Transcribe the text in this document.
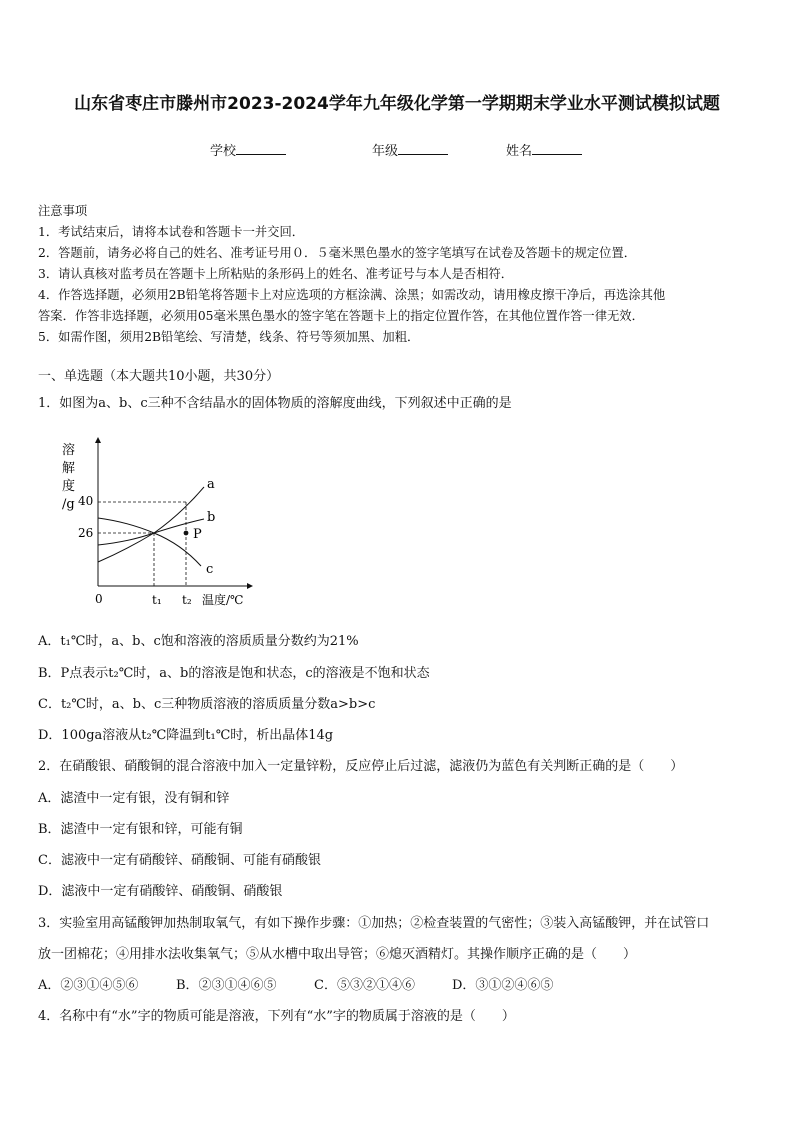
山东省枣庄市滕州市2023-2024学年九年级化学第一学期期末学业水平测试模拟试题
学校	年级	姓名
注意事项
1．考试结束后，请将本试卷和答题卡一并交回．
2．答题前，请务必将自己的姓名、准考证号用０．５毫米黑色墨水的签字笔填写在试卷及答题卡的规定位置．
3．请认真核对监考员在答题卡上所粘贴的条形码上的姓名、准考证号与本人是否相符．
4．作答选择题，必须用2B铅笔将答题卡上对应选项的方框涂满、涂黑；如需改动，请用橡皮擦干净后，再选涂其他
答案．作答非选择题，必须用05毫米黑色墨水的签字笔在答题卡上的指定位置作答，在其他位置作答一律无效．
5．如需作图，须用2B铅笔绘、写清楚，线条、符号等须加黑、加粗．
一、单选题（本大题共10小题，共30分）
1．如图为a、b、c三种不含结晶水的固体物质的溶解度曲线，下列叙述中正确的是
溶
解
度
/g 40
26
0	t₁ t₂ 温度/℃
a
b
c
P
A．t₁℃时，a、b、c饱和溶液的溶质质量分数约为21%
B．P点表示t₂℃时，a、b的溶液是饱和状态，c的溶液是不饱和状态
C．t₂℃时，a、b、c三种物质溶液的溶质质量分数a>b>c
D．100ga溶液从t₂℃降温到t₁℃时，析出晶体14g
2．在硝酸银、硝酸铜的混合溶液中加入一定量锌粉，反应停止后过滤，滤液仍为蓝色有关判断正确的是（　　）
A．滤渣中一定有银，没有铜和锌
B．滤渣中一定有银和锌，可能有铜
C．滤液中一定有硝酸锌、硝酸铜、可能有硝酸银
D．滤液中一定有硝酸锌、硝酸铜、硝酸银
3．实验室用高锰酸钾加热制取氧气，有如下操作步骤：①加热；②检查装置的气密性；③装入高锰酸钾，并在试管口
放一团棉花；④用排水法收集氧气；⑤从水槽中取出导管；⑥熄灭酒精灯。其操作顺序正确的是（　　）
A．②③①④⑤⑥	B．②③①④⑥⑤	C．⑤③②①④⑥	D．③①②④⑥⑤
4．名称中有“水”字的物质可能是溶液，下列有“水”字的物质属于溶液的是（　　）
